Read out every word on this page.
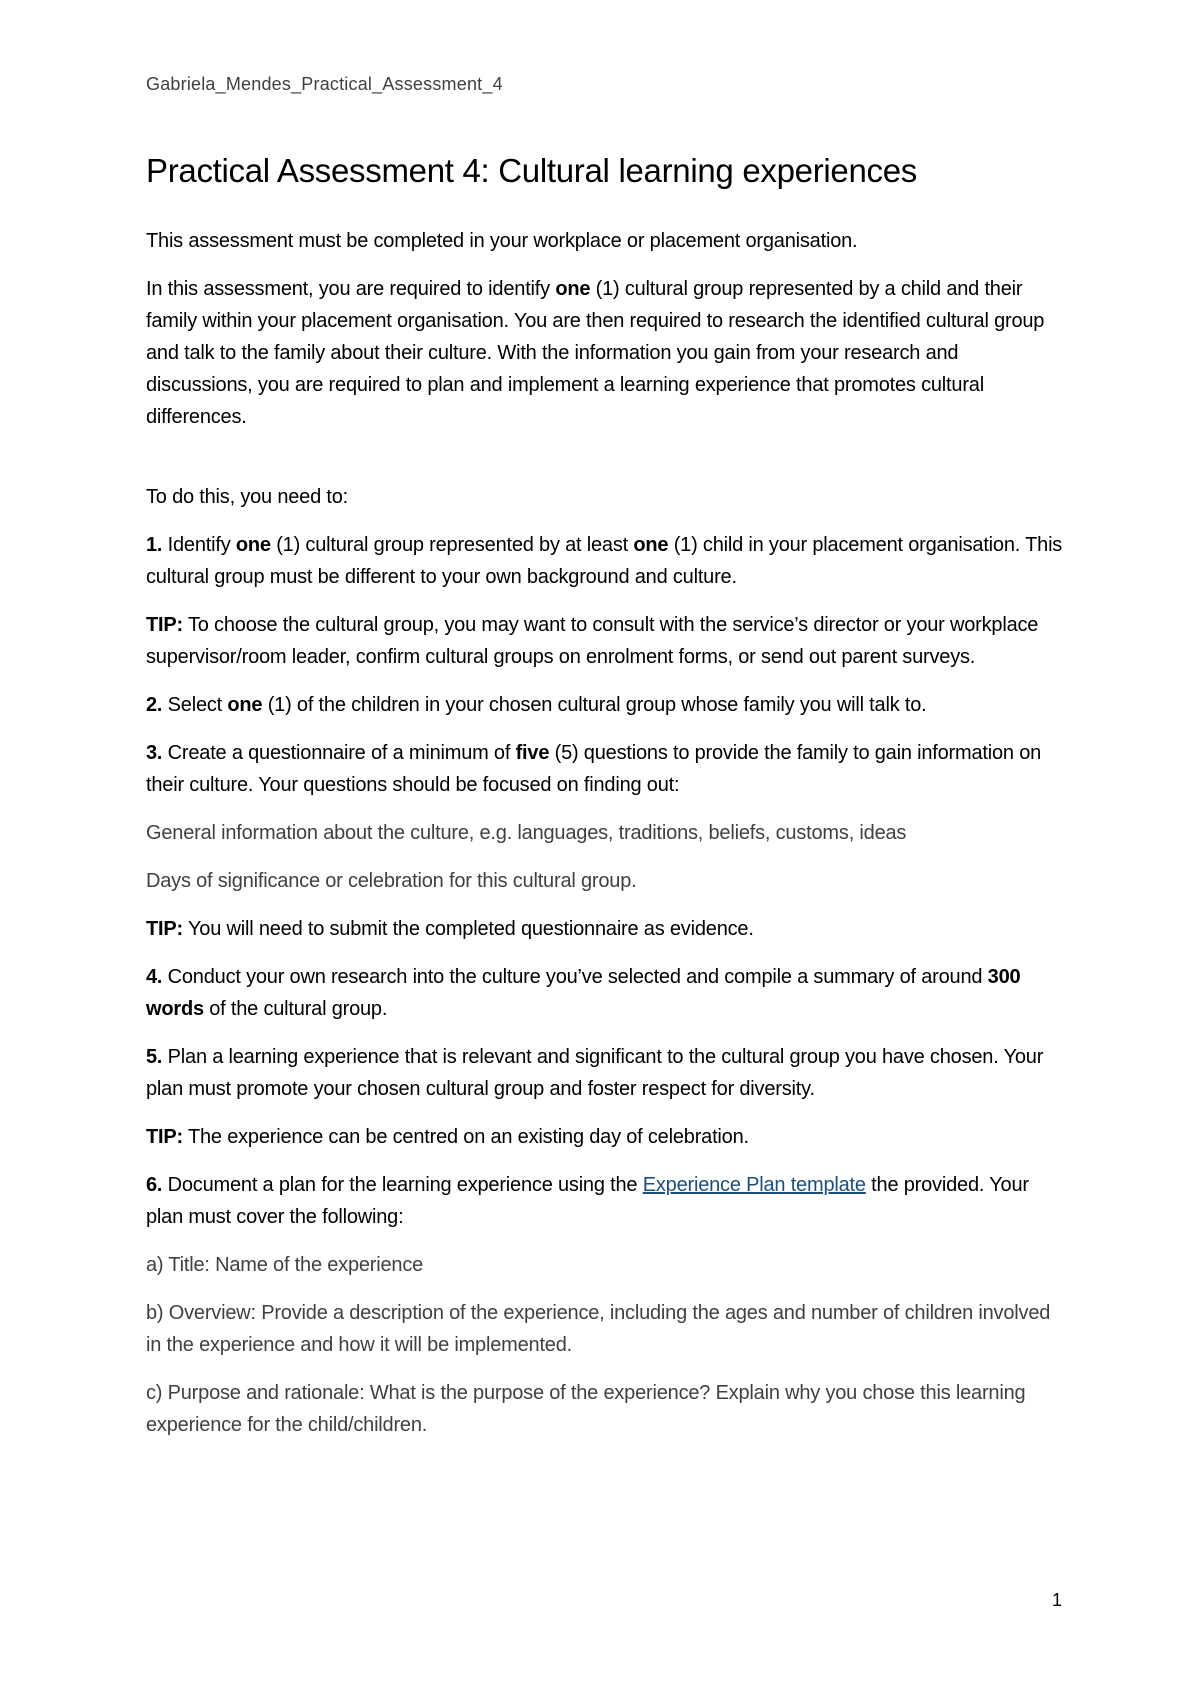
Gabriela_Mendes_Practical_Assessment_4
Practical Assessment 4: Cultural learning experiences

This assessment must be completed in your workplace or placement organisation.

In this assessment, you are required to identify one (1) cultural group represented by a child and their family within your placement organisation. You are then required to research the identified cultural group and talk to the family about their culture. With the information you gain from your research and discussions, you are required to plan and implement a learning experience that promotes cultural differences.

To do this, you need to:

1. Identify one (1) cultural group represented by at least one (1) child in your placement organisation. This cultural group must be different to your own background and culture.

TIP: To choose the cultural group, you may want to consult with the service’s director or your workplace supervisor/room leader, confirm cultural groups on enrolment forms, or send out parent surveys.

2. Select one (1) of the children in your chosen cultural group whose family you will talk to.

3. Create a questionnaire of a minimum of five (5) questions to provide the family to gain information on their culture. Your questions should be focused on finding out:

General information about the culture, e.g. languages, traditions, beliefs, customs, ideas

Days of significance or celebration for this cultural group.

TIP: You will need to submit the completed questionnaire as evidence.

4. Conduct your own research into the culture you’ve selected and compile a summary of around 300 words of the cultural group.

5. Plan a learning experience that is relevant and significant to the cultural group you have chosen. Your plan must promote your chosen cultural group and foster respect for diversity.

TIP: The experience can be centred on an existing day of celebration.

6. Document a plan for the learning experience using the Experience Plan template the provided. Your plan must cover the following:

a) Title: Name of the experience

b) Overview: Provide a description of the experience, including the ages and number of children involved in the experience and how it will be implemented.

c) Purpose and rationale: What is the purpose of the experience? Explain why you chose this learning experience for the child/children.

1
